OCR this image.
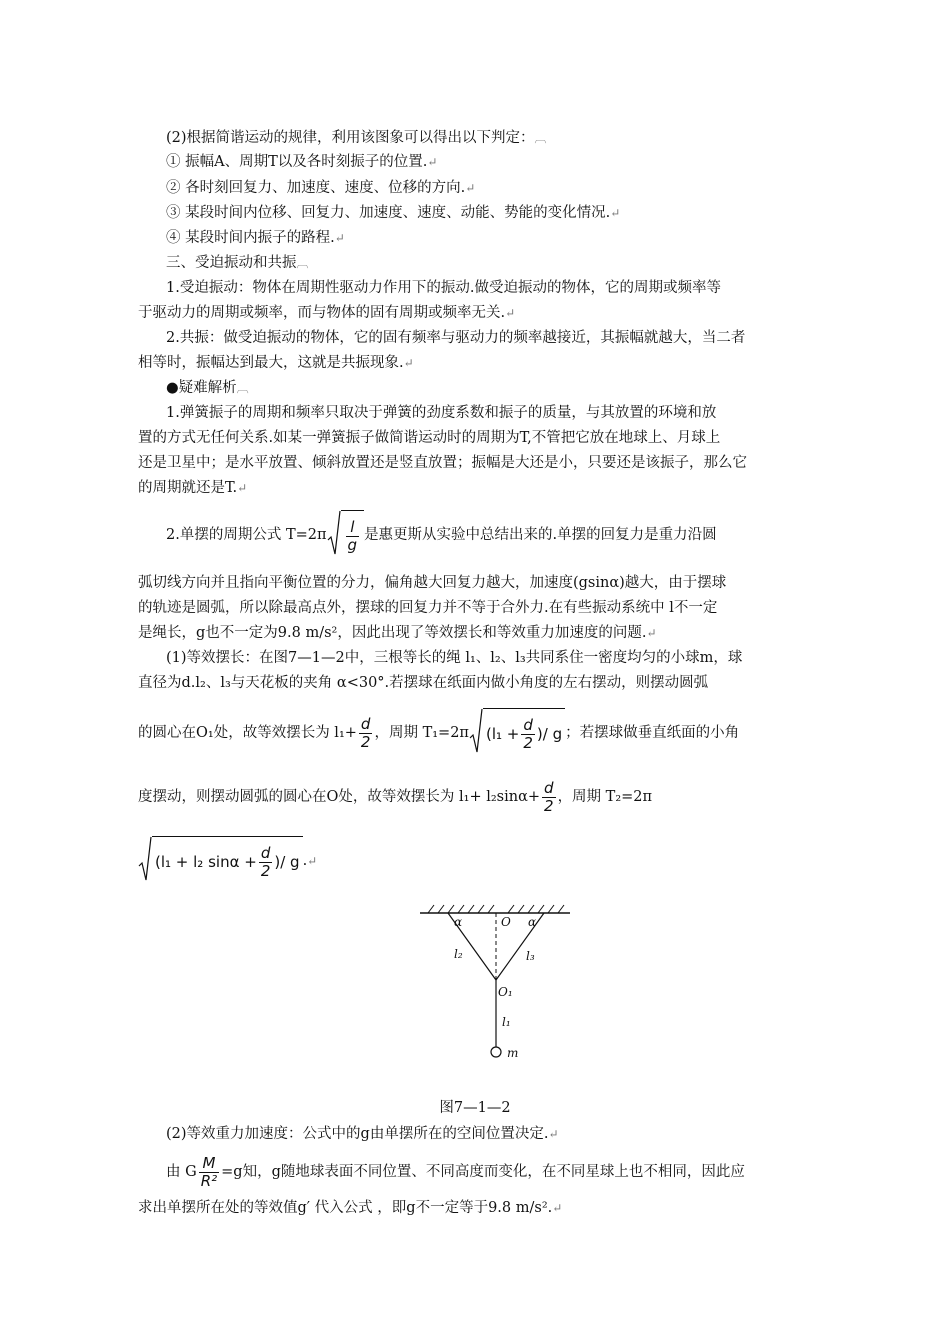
(2)根据简谐运动的规律，利用该图象可以得出以下判定：︹
① 振幅A、周期T以及各时刻振子的位置.↵
② 各时刻回复力、加速度、速度、位移的方向.↵
③ 某段时间内位移、回复力、加速度、速度、动能、势能的变化情况.↵
④ 某段时间内振子的路程.↵
三、受迫振动和共振︹
1.受迫振动：物体在周期性驱动力作用下的振动.做受迫振动的物体，它的周期或频率等
于驱动力的周期或频率，而与物体的固有周期或频率无关.↵
2.共振：做受迫振动的物体，它的固有频率与驱动力的频率越接近，其振幅就越大，当二者
相等时，振幅达到最大，这就是共振现象.↵
●疑难解析︹
1.弹簧振子的周期和频率只取决于弹簧的劲度系数和振子的质量，与其放置的环境和放
置的方式无任何关系.如某一弹簧振子做简谐运动时的周期为T,不管把它放在地球上、月球上
还是卫星中；是水平放置、倾斜放置还是竖直放置；振幅是大还是小，只要还是该振子，那么它
的周期就还是T.↵
2.单摆的周期公式 $T=2\pi \frac{l}{g}$ 是惠更斯从实验中总结出来的.单摆的回复力是重力沿圆
弧切线方向并且指向平衡位置的分力，偏角越大回复力越大，加速度(gsinα)越大，由于摆球
的轨迹是圆弧，所以除最高点外，摆球的回复力并不等于合外力.在有些振动系统中 l不一定
是绳长，g也不一定为9.8 m/s²，因此出现了等效摆长和等效重力加速度的问题.↵
(1)等效摆长：在图7—1—2中，三根等长的绳 l₁、l₂、l₃共同系住一密度均匀的小球m，球
直径为d.l₂、l₃与天花板的夹角 α<30°.若摆球在纸面内做小角度的左右摆动，则摆动圆弧
的圆心在O₁处，故等效摆长为 $l_1+ \frac{d}{2}$ ，周期 T₁=2π ($l_1 + \frac{d}{2}$ )/ g ；若摆球做垂直纸面的小角
度摆动，则摆动圆弧的圆心在O处，故等效摆长为 $l_1+ l_2\sin\alpha+ \frac{d}{2}$ ，周期 T₂=2π
(l₁ + l₂ $\sin\alpha + \frac{d}{2}$ )/ g .↵
α	O α
l₂	l₃
O₁
l₁
m
图7—1—2
(2)等效重力加速度：公式中的g由单摆所在的空间位置决定.↵
由 G $\frac{M}{\text{R²}} =g$知，g随地球表面不同位置、不同高度而变化，在不同星球上也不相同，因此应
求出单摆所在处的等效值g′ 代入公式 ，即g不一定等于9.8 m/s².↵
